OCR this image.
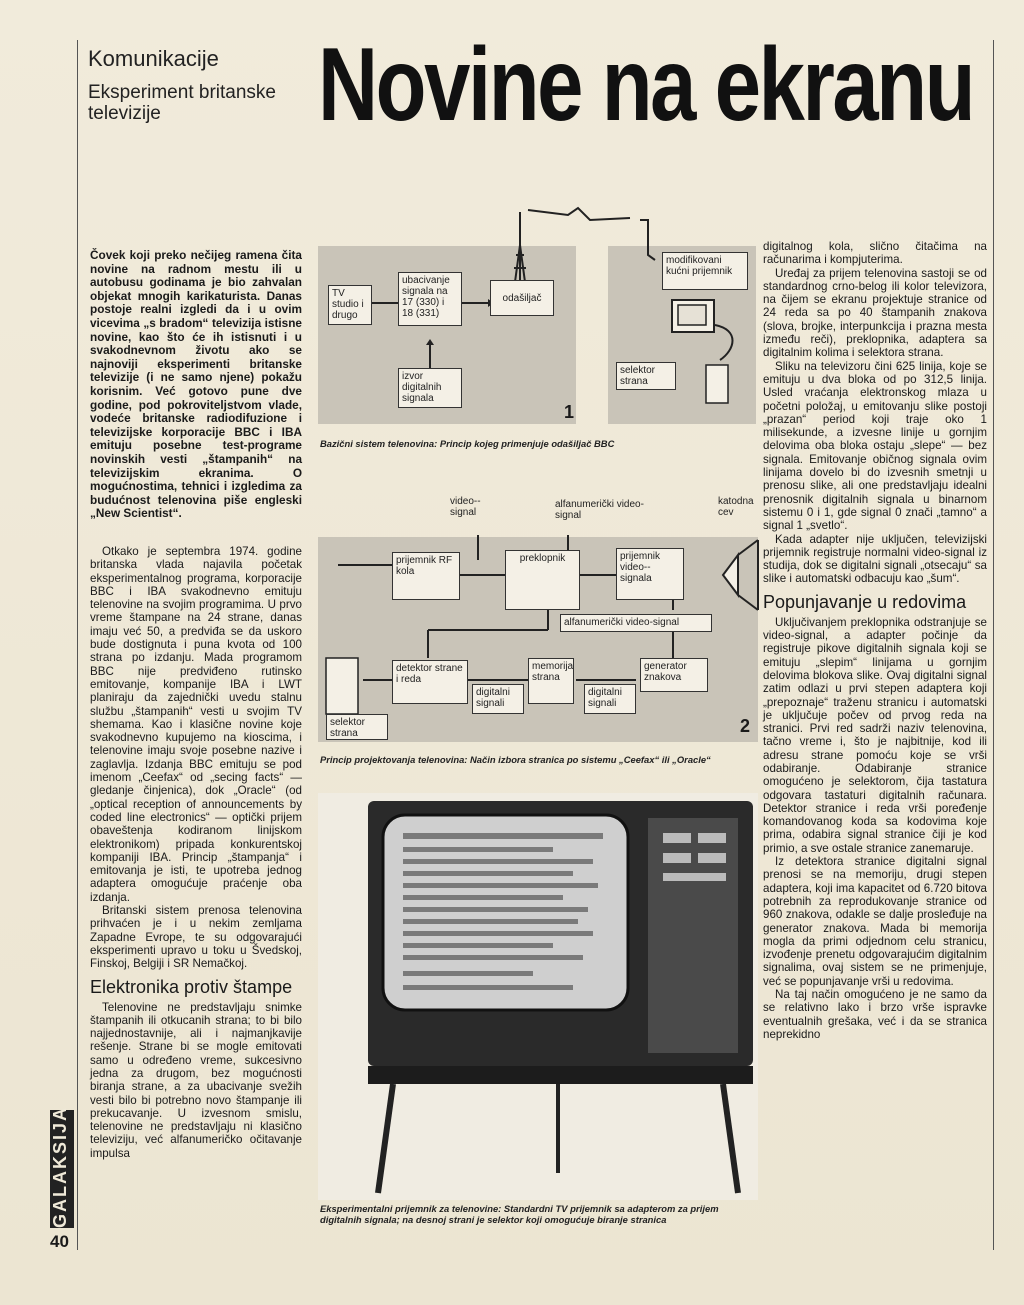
Komunikacije
Eksperiment britanske televizije	Novine na ekranu
GALAKSIJA
40

Čovek koji preko nečijeg ramena čita novine na radnom mestu ili u autobusu godinama je bio zahvalan objekat mnogih karikaturista. Danas postoje realni izgledi da i u ovim vicevima „s bradom“ televizija istisne novine, kao što će ih istisnuti i u svakodnevnom životu ako se najnoviji eksperimenti britanske televizije (i ne samo njene) pokažu korisnim. Već gotovo pune dve godine, pod pokroviteljstvom vlade, vodeće britanske radiodifuzione i televizijske korporacije BBC i IBA emituju posebne test-programe novinskih vesti „štampanih“ na televizijskim ekranima. O mogućnostima, tehnici i izgledima za budućnost telenovina piše engleski „New Scientist“.

Otkako je septembra 1974. godine britanska vlada najavila početak eksperimentalnog programa, korporacije BBC i IBA svakodnevno emituju telenovine na svojim programima. U prvo vreme štampane na 24 strane, danas imaju već 50, a predviđa se da uskoro bude dostignuta i puna kvota od 100 strana po izdanju. Mada programom BBC nije predviđeno rutinsko emitovanje, kompanije IBA i LWT planiraju da zajednički uvedu stalnu službu „štampanih“ vesti u svojim TV shemama. Kao i klasične novine koje svakodnevno kupujemo na kioscima, i telenovine imaju svoje posebne nazive i zaglavlja. Izdanja BBC emituju se pod imenom „Ceefax“ od „secing facts“ — gledanje činjenica), dok „Oracle“ (od „optical reception of announcements by coded line electronics“ — optički prijem obaveštenja kodiranom linijskom elektronikom) pripada konkurentskoj kompaniji IBA. Princip „štampanja“ i emitovanja je isti, te upotreba jednog adaptera omogućuje praćenje oba izdanja.

Britanski sistem prenosa telenovina prihvaćen je i u nekim zemljama Zapadne Evrope, te su odgovarajući eksperimenti upravo u toku u Švedskoj, Finskoj, Belgiji i SR Nemačkoj.

Elektronika protiv štampe

Telenovine ne predstavljaju snimke štampanih ili otkucanih strana; to bi bilo najjednostavnije, ali i najmanjkavije rešenje. Strane bi se mogle emitovati samo u određeno vreme, sukcesivno jedna za drugom, bez mogućnosti biranja strane, a za ubacivanje svežih vesti bilo bi potrebno novo štampanje ili prekucavanje. U izvesnom smislu, telenovine ne predstavljaju ni klasično televiziju, već alfanumeričko očitavanje impulsa

digitalnog kola, slično čitačima na računarima i kompjuterima.

Uređaj za prijem telenovina sastoji se od standardnog crno-belog ili kolor televizora, na čijem se ekranu projektuje stranice od 24 reda sa po 40 štampanih znakova (slova, brojke, interpunkcija i prazna mesta između reči), preklopnika, adaptera sa digitalnim kolima i selektora strana.

Sliku na televizoru čini 625 linija, koje se emituju u dva bloka od po 312,5 linija. Usled vraćanja elektronskog mlaza u početni položaj, u emitovanju slike postoji „prazan“ period koji traje oko 1 milisekunde, a izvesne linije u gornjim delovima oba bloka ostaju „slepe“ — bez signala. Emitovanje običnog signala ovim linijama dovelo bi do izvesnih smetnji u prenosu slike, ali one predstavljaju idealni prenosnik digitalnih signala u binarnom sistemu 0 i 1, gde signal 0 znači „tamno“ a signal 1 „svetlo“.

Kada adapter nije uključen, televizijski prijemnik registruje normalni video-signal iz studija, dok se digitalni signali „otsecaju“ sa slike i automatski odbacuju kao „šum“.

Popunjavanje u redovima

Uključivanjem preklopnika odstranjuje se video-signal, a adapter počinje da registruje pikove digitalnih signala koji se emituju „slepim“ linijama u gornjim delovima blokova slike. Ovaj digitalni signal zatim odlazi u prvi stepen adaptera koji „prepoznaje“ traženu stranicu i automatski je uključuje počev od prvog reda na stranici. Prvi red sadrži naziv telenovina, tačno vreme i, što je najbitnije, kod ili adresu strane pomoću koje se vrši odabiranje. Odabiranje stranice omogućeno je selektorom, čija tastatura odgovara tastaturi digitalnih računara. Detektor stranice i reda vrši poređenje komandovanog koda sa kodovima koje prima, odabira signal stranice čiji je kod primio, a sve ostale stranice zanemaruje.

Iz detektora stranice digitalni signal prenosi se na memoriju, drugi stepen adaptera, koji ima kapacitet od 6.720 bitova potrebnih za reprodukovanje stranice od 960 znakova, odakle se dalje prosleđuje na generator znakova. Mada bi memorija mogla da primi odjednom celu stranicu, izvođenje prenetu odgovarajućim digitalnim signalima, ovaj sistem se ne primenjuje, već se popunjavanje vrši u redovima.

Na taj način omogućeno je ne samo da se relativno lako i brzo vrše ispravke eventualnih grešaka, već i da se stranica neprekidno

TV studio i drugo
ubacivanje signala na 17 (330) i 18 (331)
odašiljač
izvor digitalnih signala
modifikovani kućni prijemnik
selektor strana
1
Bazični sistem telenovina: Princip kojeg primenjuje odašiljač BBC
video--signal
alfanumerički video-signal
katodna cev
prijemnik RF kola
preklopnik	prijemnik video--signala
alfanumerički video-signal
detektor strane i reda
digitalni signali
memorija strana
digitalni signali
generator znakova
selektor strana	2
Princip projektovanja telenovina: Način izbora stranica po sistemu „Ceefax“ ili „Oracle“
Eksperimentalni prijemnik za telenovine: Standardni TV prijemnik sa adapterom za prijem digitalnih signala; na desnoj strani je selektor koji omogućuje biranje stranica
